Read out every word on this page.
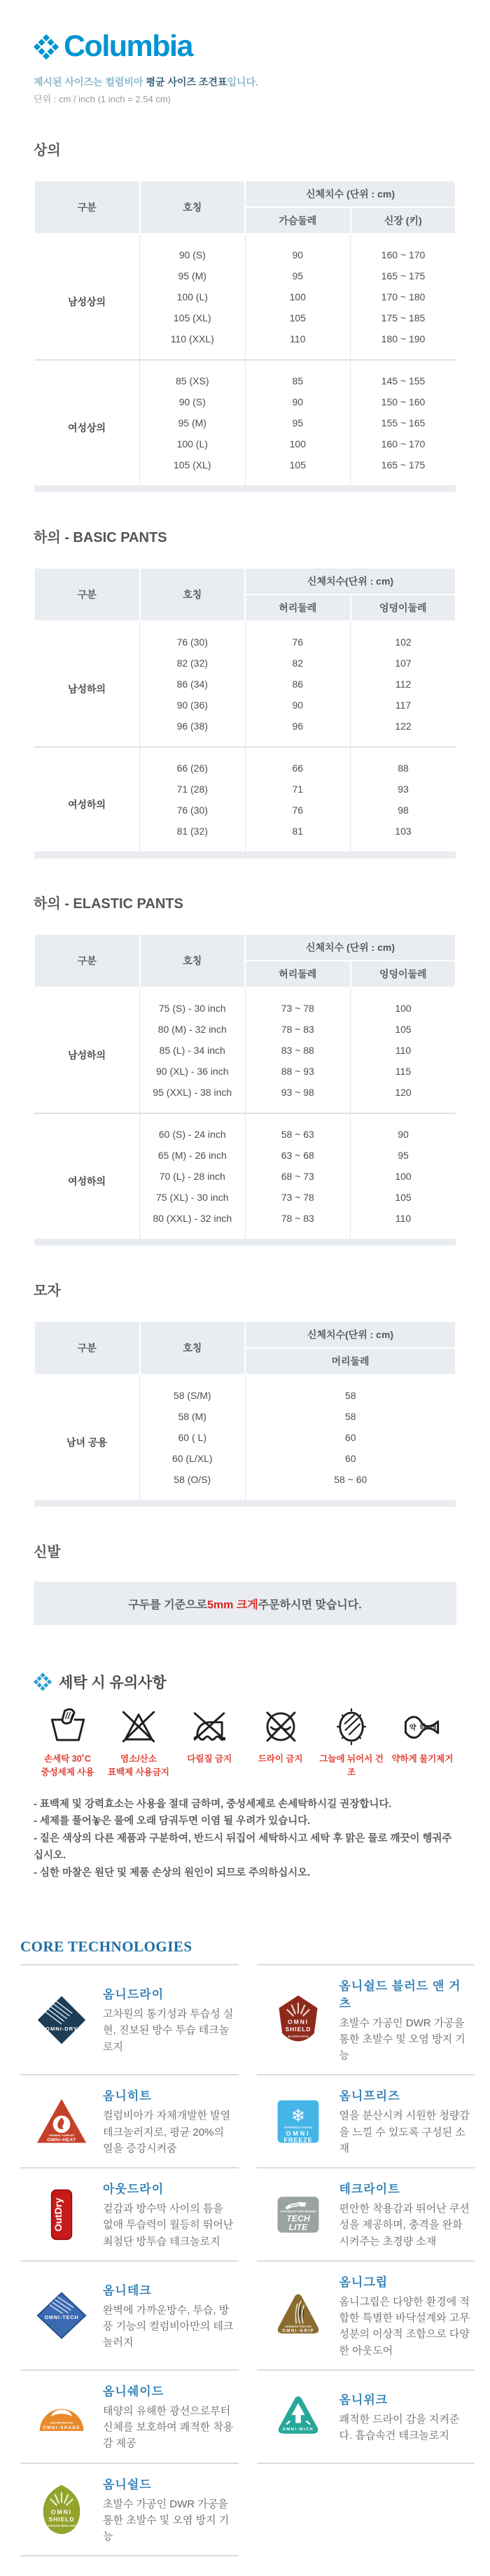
Columbia
제시된 사이즈는 컬럼비아 평균 사이즈 조견표입니다.
단위 : cm / inch (1 inch = 2.54 cm)
상의
구분	호칭	신체치수 (단위 : cm)	
		가슴둘레	신장 (키)
남성상의	90 (S)	90	160 ~ 170
	95 (M)	95	165 ~ 175
	100 (L)	100	170 ~ 180
	105 (XL)	105	175 ~ 185
	110 (XXL)	110	180 ~ 190
여성상의	85 (XS)	85	145 ~ 155
	90 (S)	90	150 ~ 160
	95 (M)	95	155 ~ 165
	100 (L)	100	160 ~ 170
	105 (XL)	105	165 ~ 175

하의 - BASIC PANTS
구분	호칭	신체치수(단위 : cm)	
		허리둘레	엉덩이둘레
남성하의	76 (30)	76	102
	82 (32)	82	107
	86 (34)	86	112
	90 (36)	90	117
	96 (38)	96	122
여성하의	66 (26)	66	88
	71 (28)	71	93
	76 (30)	76	98
	81 (32)	81	103

하의 - ELASTIC PANTS
구분	호칭	신체치수 (단위 : cm)	
		허리둘레	엉덩이둘레
남성하의	75 (S) - 30 inch	73 ~ 78	100
	80 (M) - 32 inch	78 ~ 83	105
	85 (L) - 34 inch	83 ~ 88	110
	90 (XL) - 36 inch	88 ~ 93	115
	95 (XXL) - 38 inch	93 ~ 98	120
여성하의	60 (S) - 24 inch	58 ~ 63	90
	65 (M) - 26 inch	63 ~ 68	95
	70 (L) - 28 inch	68 ~ 73	100
	75 (XL) - 30 inch	73 ~ 78	105
	80 (XXL) - 32 inch	78 ~ 83	110

모자
구분	호칭	신체치수(단위 : cm)
		머리둘레
남녀 공용	58 (S/M)	58
	58 (M)	58
	60 ( L)	60
	60 (L/XL)	60
	58 (O/S)	58 ~ 60

신발
구두를 기준으로 5mm 크게 주문하시면 맞습니다.
세탁 시 유의사항
손세탁 30˚C
중성세제 사용
염소/산소
표백제 사용금지
다림질 금지	드라이 금지	그늘에 뉘어서 건조
약 하 게
약하게 물기제거
- 표백제 및 강력효소는 사용을 절대 금하며, 중성세제로 손세탁하시길 권장합니다.
- 세제를 풀어놓은 물에 오래 담궈두면 이염 될 우려가 있습니다.
- 짙은 색상의 다른 제품과 구분하여, 반드시 뒤집어 세탁하시고 세탁 후 맑은 물로 깨끗이 헹궈주십시오.
- 심한 마찰은 원단 및 제품 손상의 원인이 되므로 주의하십시오.
CORE TECHNOLOGIES
OMNI-DRY
옴니드라이
고차원의 통기성과 투습성 실현, 진보된 방수 투습 테크놀로지
OMNI
SHIELD
BLOOD'N GUTS
옴니쉴드 블러드 앤 거츠
초발수 가공인 DWR 가공을 통한 초발수 및 오염 방지 기능
THERMAL COMFORT
OMNI-HEAT
옴니히트
컬럼비아가 자체개발한 발열 테크놀러지로, 평균 20%의 열을 증강시켜줌
❄
ADVANCED COOLING
OMNI
FREEZE
옴니프리즈
열을 분산시켜 시원한 청량감을 느낄 수 있도록 구성된 소재
OutDry
아웃드라이
겉감과 방수막 사이의 틈을 없애 투습력이 월등히 뛰어난 최첨단 방투습 테크놀로지
LIGHTWEIGHT PERFORMANCE
TECH
LITE
테크라이트
편안한 착용감과 뛰어난 쿠션성을 제공하며, 충격을 완화시켜주는 초경량 소재
OMNI-TECH
옴니테크
완벽에 가까운방수, 투습, 방풍 기능의 컬럼비아만의 테크놀러지
ADVANCED TRACTION
OMNI-GRIP
옴니그립
옴니그립은 다양한 환경에 적합한 특별한 바닥설계와 고무 성분의 이상적 조합으로 다양한 아웃도어
SUN PROTECTION
OMNI-SHADE
옴니쉐이드
태양의 유해한 광선으로부터 신체를 보호하여 쾌적한 착용감 제공
OMNI-WICK
옴니위크
쾌적한 드라이 감을 지켜준다. 흡습속건 테크놀로지
OMNI
SHIELD
ADVANCED REPELLENCY
옴니쉴드
초발수 가공인 DWR 가공을 통한 초발수 및 오염 방지 기능
